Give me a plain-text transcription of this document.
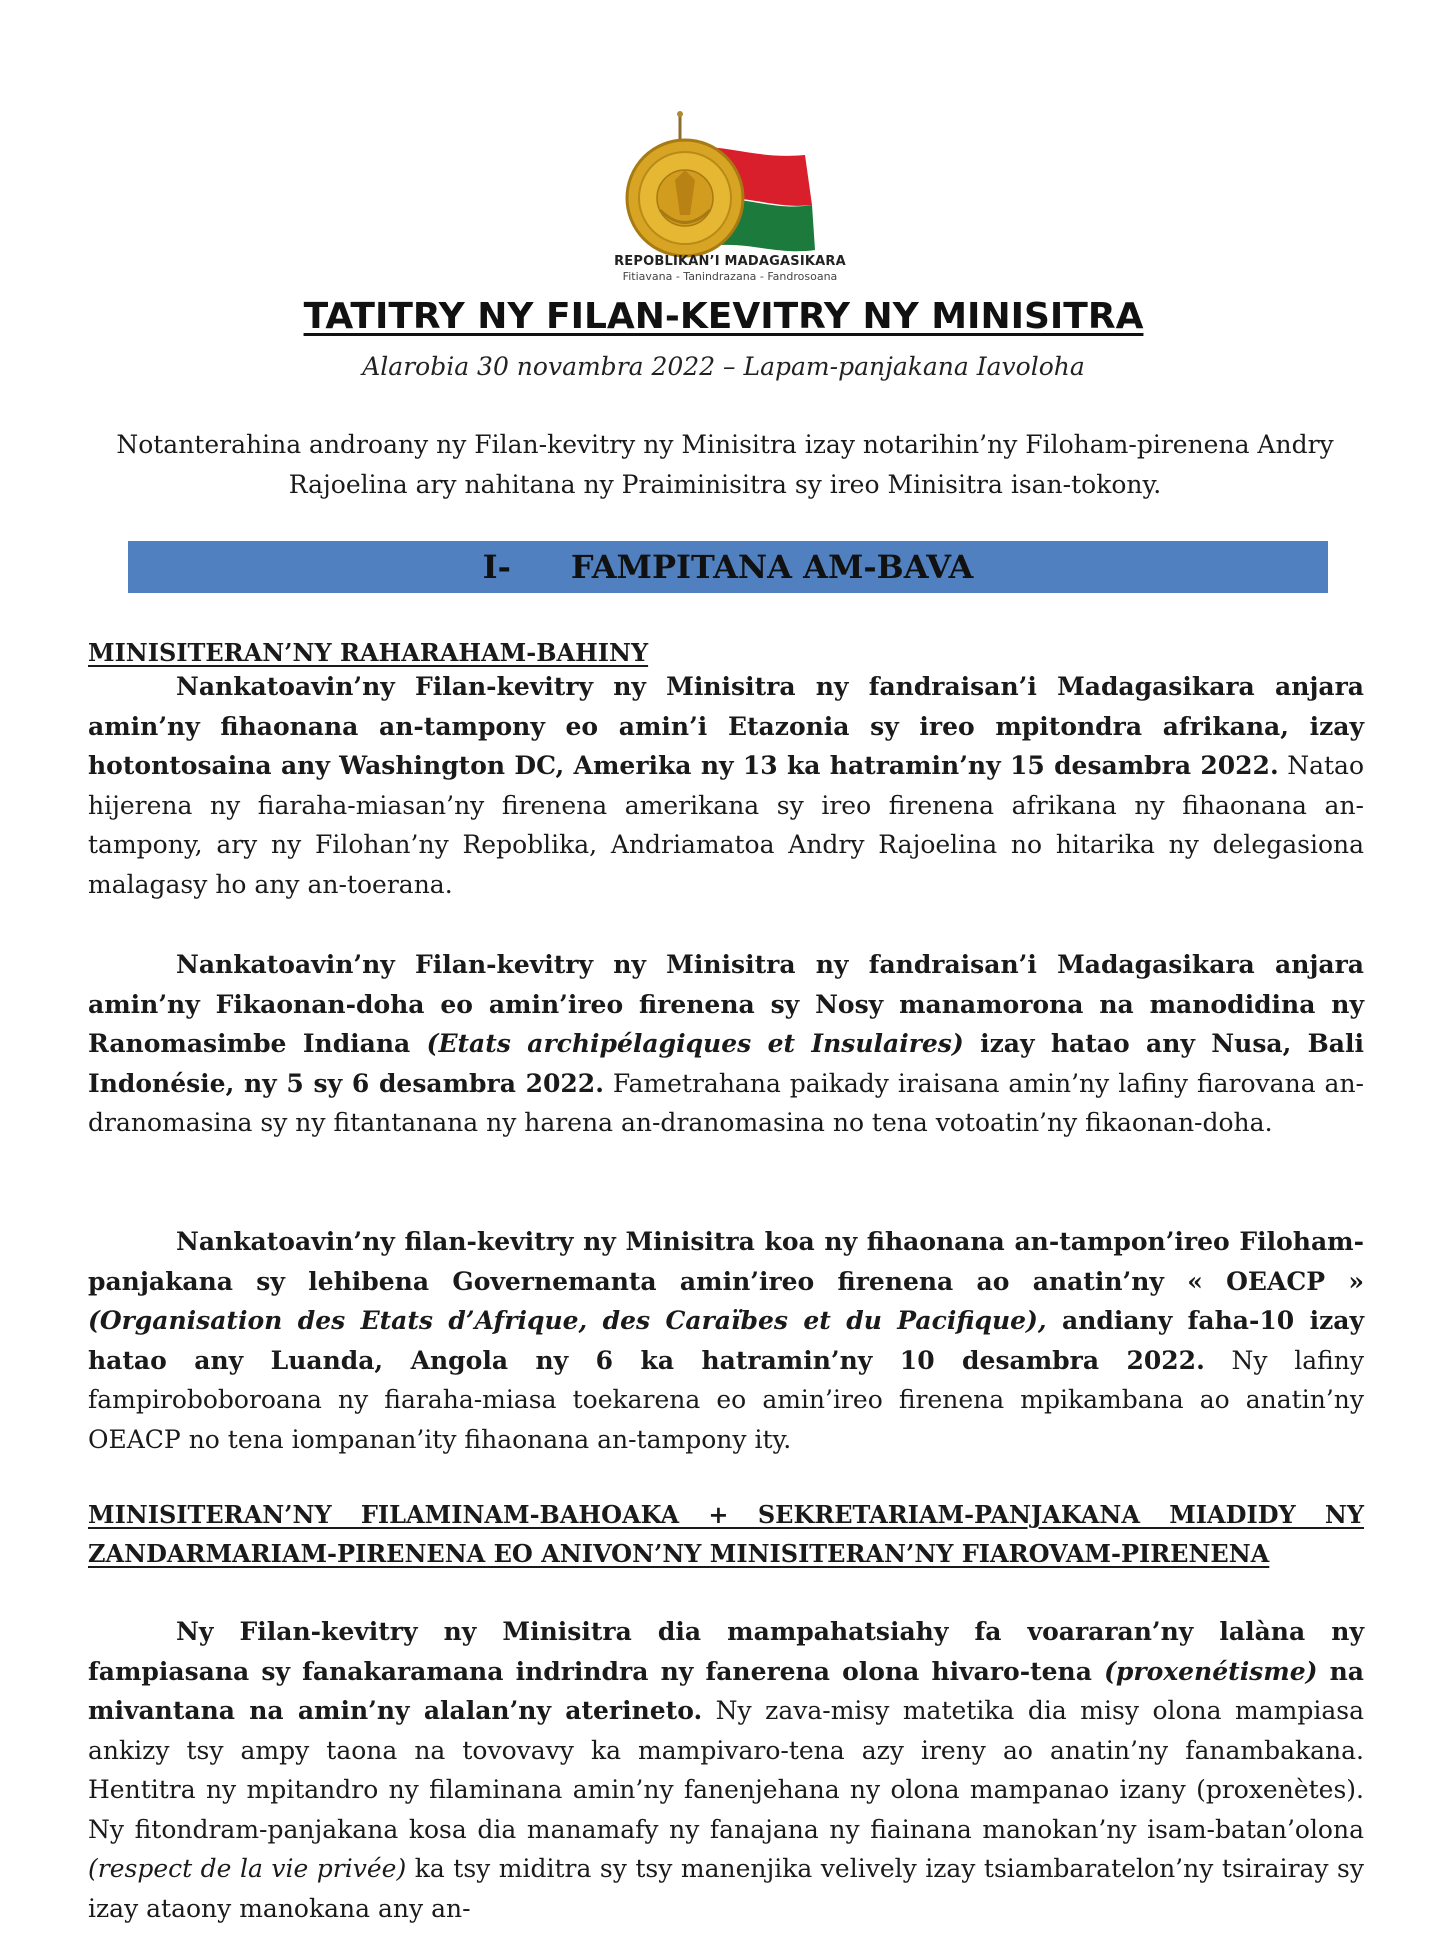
REPOBLIKAN’I MADAGASIKARA
Fitiavana - Tanindrazana - Fandrosoana
TATITRY NY FILAN-KEVITRY NY MINISITRA
Alarobia 30 novambra 2022 – Lapam-panjakana Iavoloha
Notanterahina androany ny Filan-kevitry ny Minisitra izay notarihin’ny Filoham-pirenena Andry Rajoelina ary nahitana ny Praiminisitra sy ireo Minisitra isan-tokony.
I- FAMPITANA AM-BAVA
MINISITERAN’NY RAHARAHAM-BAHINY
Nankatoavin’ny Filan-kevitry ny Minisitra ny fandraisan’i Madagasikara anjara amin’ny fihaonana an-tampony eo amin’i Etazonia sy ireo mpitondra afrikana, izay hotontosaina any Washington DC, Amerika ny 13 ka hatramin’ny 15 desambra 2022. Natao hijerena ny fiaraha-miasan’ny firenena amerikana sy ireo firenena afrikana ny fihaonana an-tampony, ary ny Filohan’ny Repoblika, Andriamatoa Andry Rajoelina no hitarika ny delegasiona malagasy ho any an-toerana.
Nankatoavin’ny Filan-kevitry ny Minisitra ny fandraisan’i Madagasikara anjara amin’ny Fikaonan-doha eo amin’ireo firenena sy Nosy manamorona na manodidina ny Ranomasimbe Indiana (Etats archipélagiques et Insulaires) izay hatao any Nusa, Bali Indonésie, ny 5 sy 6 desambra 2022. Fametrahana paikady iraisana amin’ny lafiny fiarovana an-dranomasina sy ny fitantanana ny harena an-dranomasina no tena votoatin’ny fikaonan-doha.
Nankatoavin’ny filan-kevitry ny Minisitra koa ny fihaonana an-tampon’ireo Filoham-panjakana sy lehibena Governemanta amin’ireo firenena ao anatin’ny « OEACP » (Organisation des Etats d’Afrique, des Caraïbes et du Pacifique), andiany faha-10 izay hatao any Luanda, Angola ny 6 ka hatramin’ny 10 desambra 2022. Ny lafiny fampiroboboroana ny fiaraha-miasa toekarena eo amin’ireo firenena mpikambana ao anatin’ny OEACP no tena iompanan’ity fihaonana an-tampony ity.
MINISITERAN’NY FILAMINAM-BAHOAKA + SEKRETARIAM-PANJAKANA MIADIDY NY ZANDARMARIAM-PIRENENA EO ANIVON’NY MINISITERAN’NY FIAROVAM-PIRENENA
Ny Filan-kevitry ny Minisitra dia mampahatsiahy fa voararan’ny lalàna ny fampiasana sy fanakaramana indrindra ny fanerena olona hivaro-tena (proxenétisme) na mivantana na amin’ny alalan’ny aterineto. Ny zava-misy matetika dia misy olona mampiasa ankizy tsy ampy taona na tovovavy ka mampivaro-tena azy ireny ao anatin’ny fanambakana. Hentitra ny mpitandro ny filaminana amin’ny fanenjehana ny olona mampanao izany (proxenètes). Ny fitondram-panjakana kosa dia manamafy ny fanajana ny fiainana manokan’ny isam-batan’olona (respect de la vie privée) ka tsy miditra sy tsy manenjika velively izay tsiambaratelon’ny tsirairay sy izay ataony manokana any an-
